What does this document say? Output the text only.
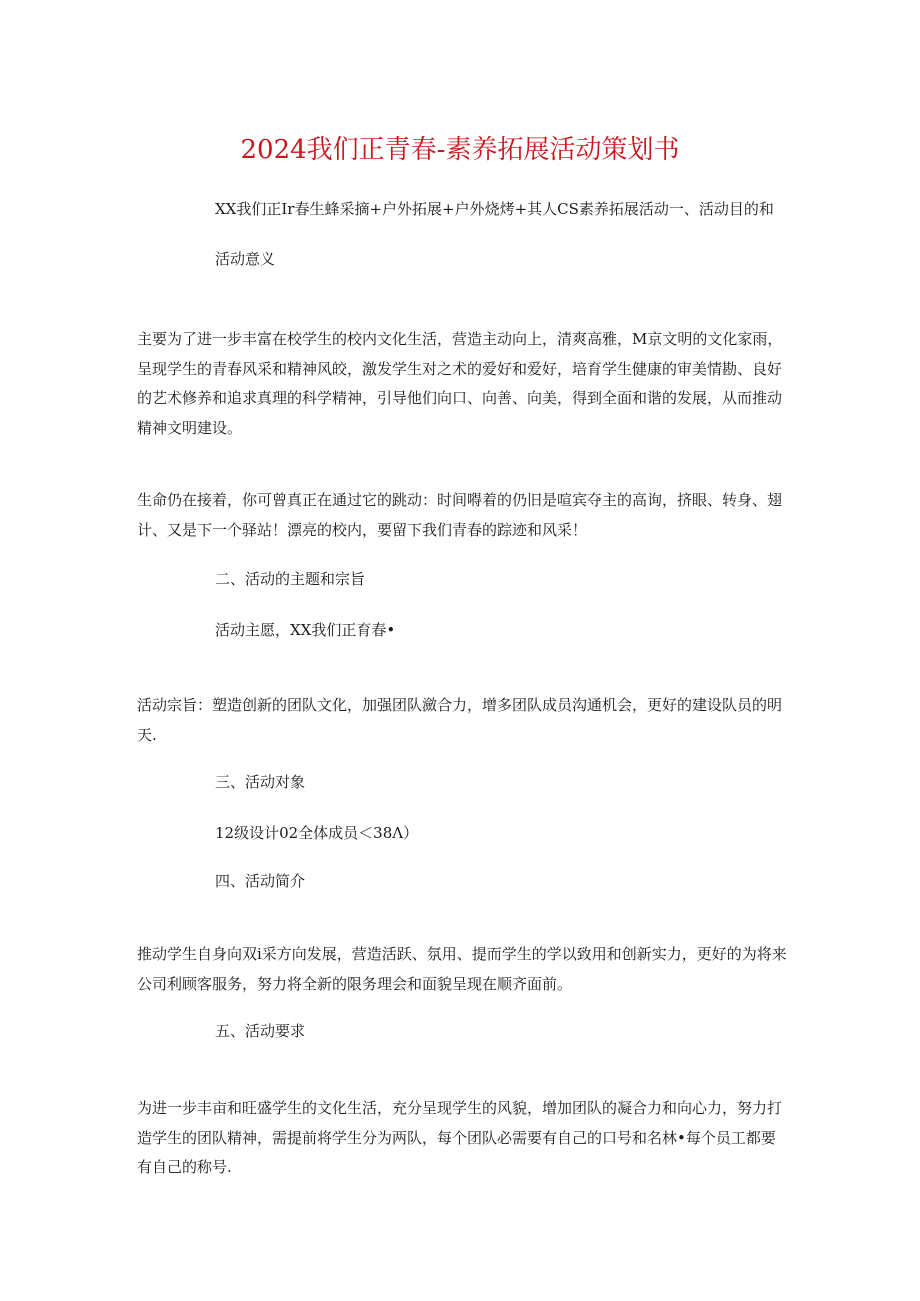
2024我们正青春-素养拓展活动策划书
XX我们正Ir春生蜂采摘+户外拓展+户外烧烤+其人CS素养拓展活动一、活动目的和
活动意义
主要为了进一步丰富在校学生的校内文化生活，营造主动向上，清爽高雅，M京文明的文化家雨，呈现学生的青春风采和精神风皎，激发学生对之术的爱好和爱好，培育学生健康的审美情勘、良好的艺术修养和追求真理的科学精神，引导他们向口、向善、向美，得到全面和谐的发展，从而推动精神文明建设。
生命仍在接着，你可曾真正在通过它的跳动：时间嘚着的仍旧是喧宾夺主的高询，挤眼、转身、翅计、又是下一个驿站！漂亮的校内，要留下我们青春的踪迹和风采！
二、活动的主题和宗旨
活动主愿，XX我们正育春•
活动宗旨：塑造创新的团队文化，加强团队瀲合力，增多团队成员沟通机会，更好的建设队员的明天.
三、活动对象
12级设计02全体成员＜38Λ）
四、活动简介
推动学生自身向双i采方向发展，营造活跃、氛用、提而学生的学以致用和创新实力，更好的为将来公司利顾客服务，努力将全新的限务理会和面貌呈现在顺齐面前。
五、活动要求
为进一步丰亩和旺盛学生的文化生活，充分呈现学生的风貌，增加团队的凝合力和向心力，努力打造学生的团队精神，需提前将学生分为两队，每个团队必需要有自己的口号和名林•每个员工都要有自己的称号.
